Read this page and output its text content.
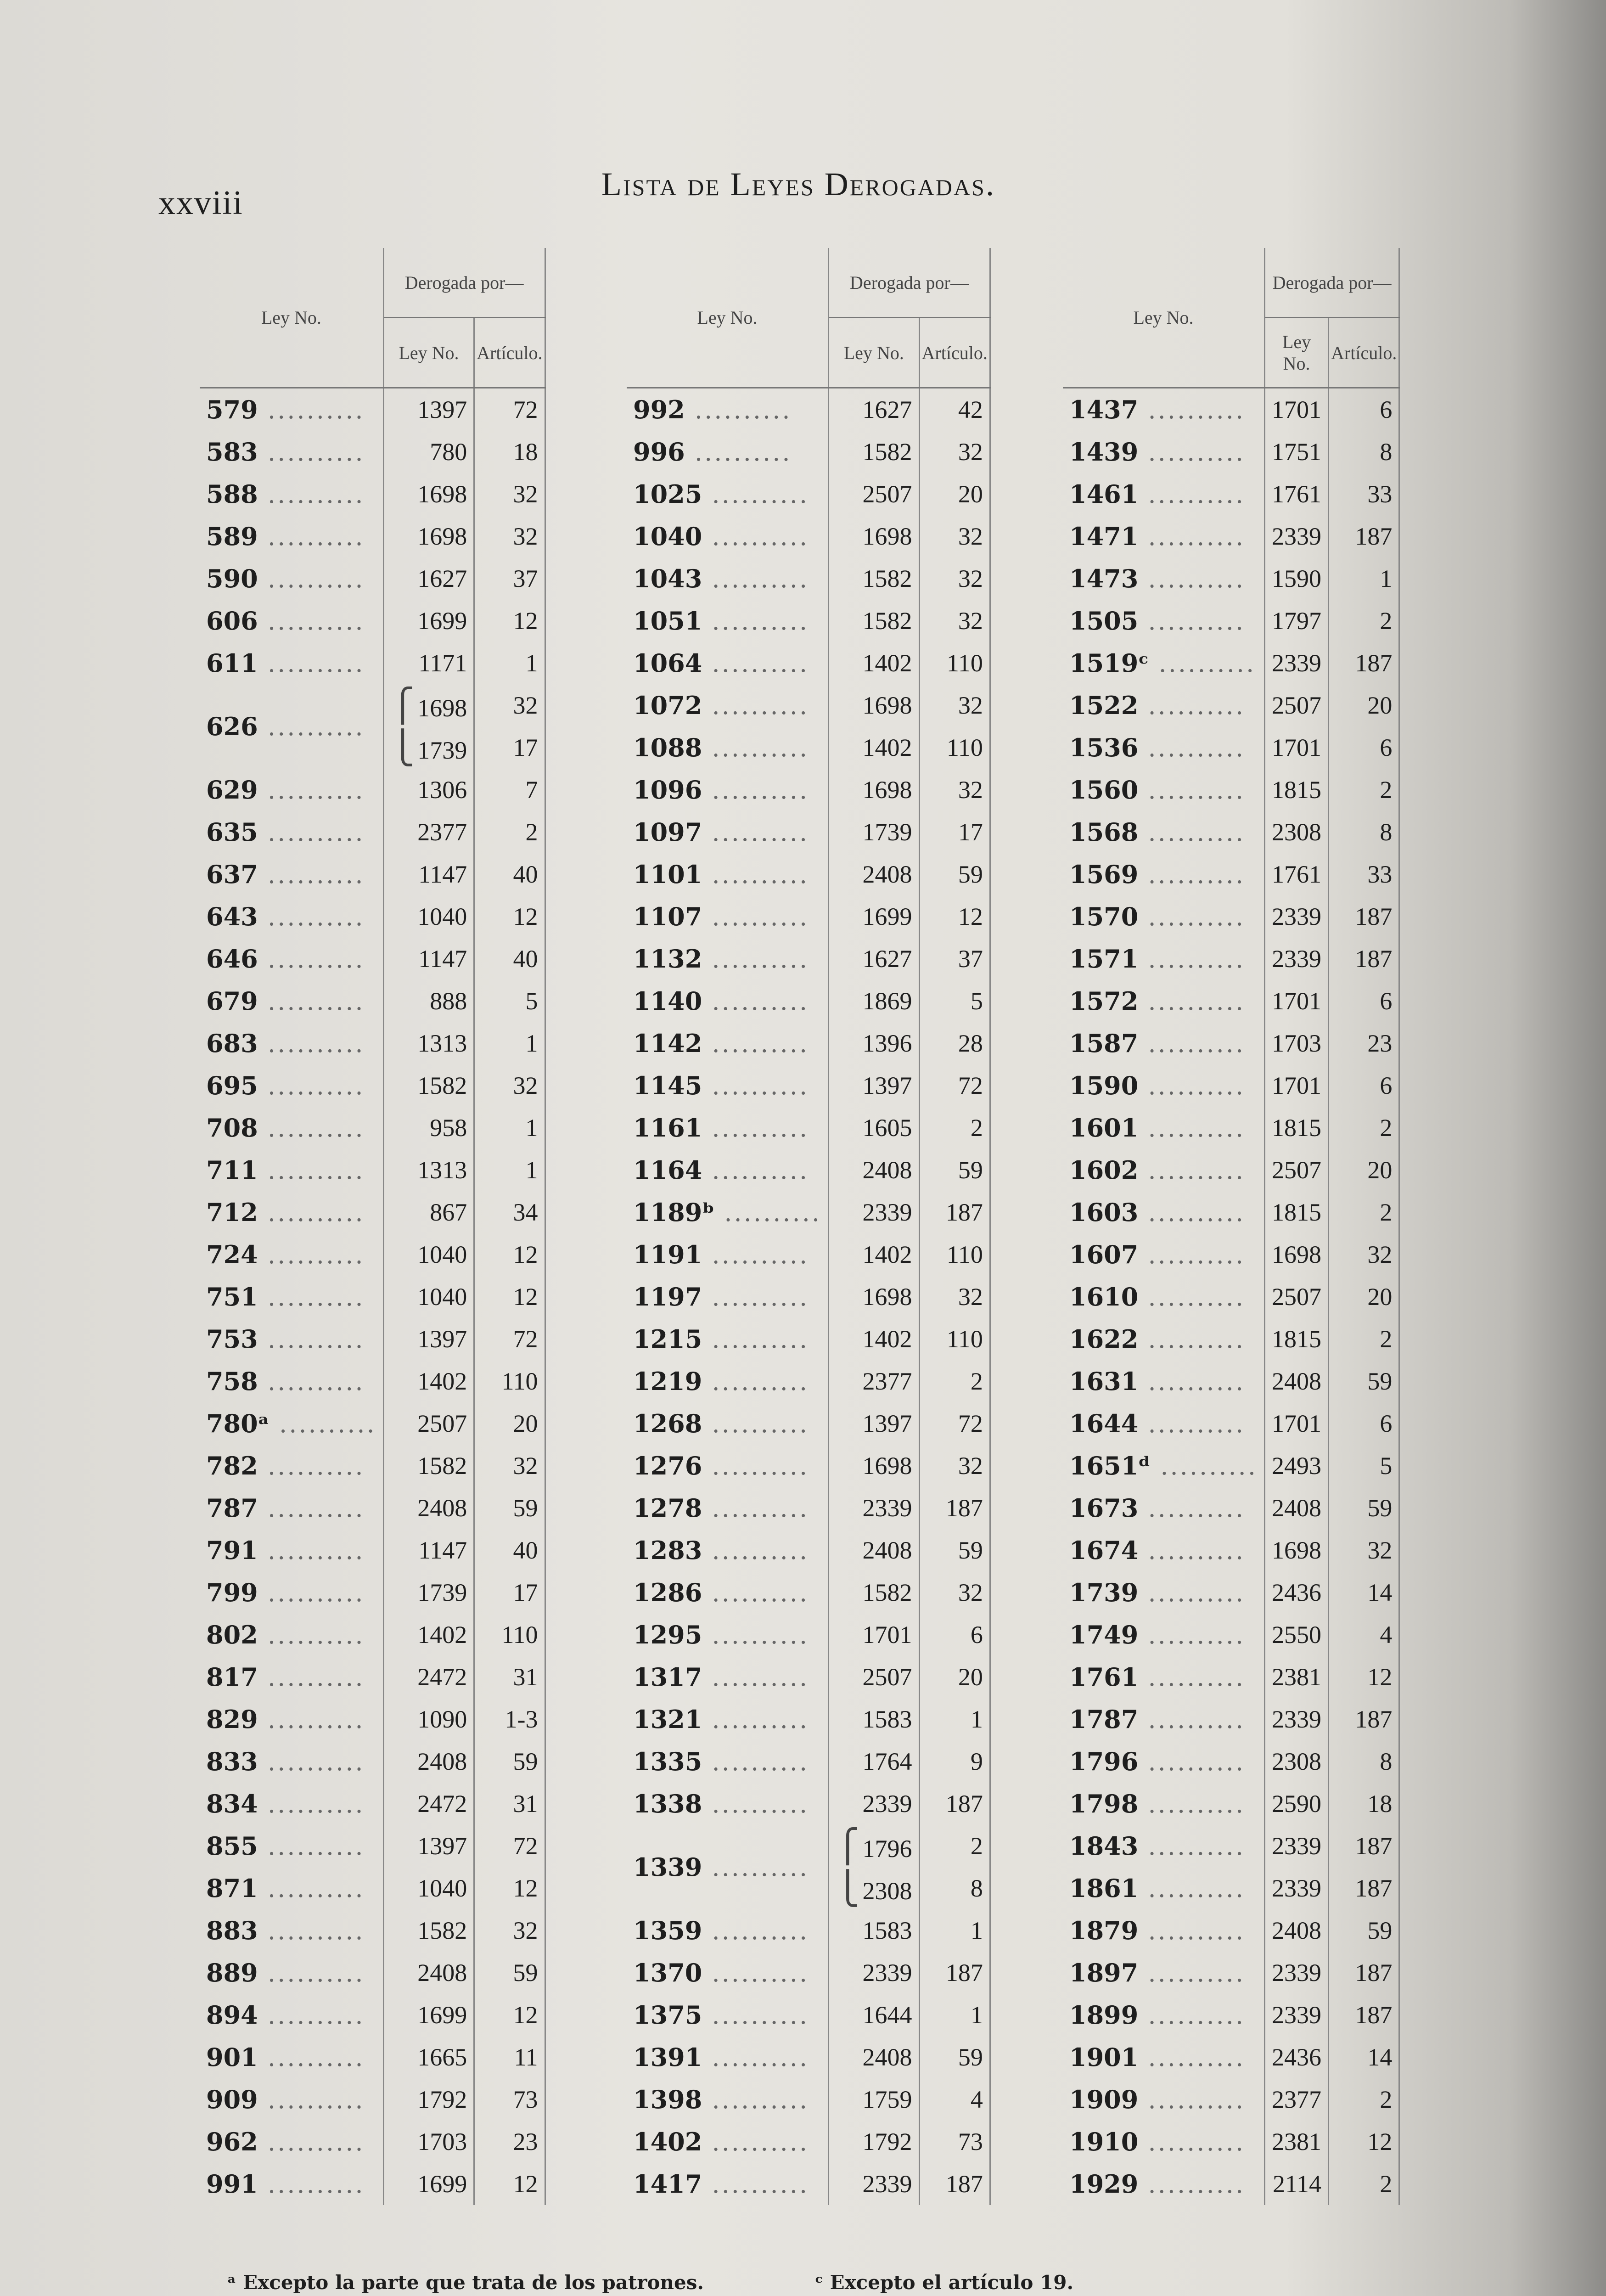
xxviii	Lista de Leyes Derogadas.
Ley No.	Derogada por—	
	Ley No.	Artículo.
579 ..........	1397	72
583 ..........	780	18
588 ..........	1698	32
589 ..........	1698	32
590 ..........	1627	37
606 ..........	1699	12
611 ..........	1171	1
626 ..........	⎧ 1698	32
	⎩ 1739	17
629 ..........	1306	7
635 ..........	2377	2
637 ..........	1147	40
643 ..........	1040	12
646 ..........	1147	40
679 ..........	888	5
683 ..........	1313	1
695 ..........	1582	32
708 ..........	958	1
711 ..........	1313	1
712 ..........	867	34
724 ..........	1040	12
751 ..........	1040	12
753 ..........	1397	72
758 ..........	1402	110
780ᵃ ..........	2507	20
782 ..........	1582	32
787 ..........	2408	59
791 ..........	1147	40
799 ..........	1739	17
802 ..........	1402	110
817 ..........	2472	31
829 ..........	1090	1-3
833 ..........	2408	59
834 ..........	2472	31
855 ..........	1397	72
871 ..........	1040	12
883 ..........	1582	32
889 ..........	2408	59
894 ..........	1699	12
901 ..........	1665	11
909 ..........	1792	73
962 ..........	1703	23
991 ..........	1699	12
Ley No.	Derogada por—	
	Ley No.	Artículo.
992 ..........	1627	42
996 ..........	1582	32
1025 ..........	2507	20
1040 ..........	1698	32
1043 ..........	1582	32
1051 ..........	1582	32
1064 ..........	1402	110
1072 ..........	1698	32
1088 ..........	1402	110
1096 ..........	1698	32
1097 ..........	1739	17
1101 ..........	2408	59
1107 ..........	1699	12
1132 ..........	1627	37
1140 ..........	1869	5
1142 ..........	1396	28
1145 ..........	1397	72
1161 ..........	1605	2
1164 ..........	2408	59
1189ᵇ ..........	2339	187
1191 ..........	1402	110
1197 ..........	1698	32
1215 ..........	1402	110
1219 ..........	2377	2
1268 ..........	1397	72
1276 ..........	1698	32
1278 ..........	2339	187
1283 ..........	2408	59
1286 ..........	1582	32
1295 ..........	1701	6
1317 ..........	2507	20
1321 ..........	1583	1
1335 ..........	1764	9
1338 ..........	2339	187
1339 ..........	⎧ 1796	2
	⎩ 2308	8
1359 ..........	1583	1
1370 ..........	2339	187
1375 ..........	1644	1
1391 ..........	2408	59
1398 ..........	1759	4
1402 ..........	1792	73
1417 ..........	2339	187
Ley No.	Derogada por—	
	Ley No.	Artículo.
1437 ..........	1701	6
1439 ..........	1751	8
1461 ..........	1761	33
1471 ..........	2339	187
1473 ..........	1590	1
1505 ..........	1797	2
1519ᶜ ..........	2339	187
1522 ..........	2507	20
1536 ..........	1701	6
1560 ..........	1815	2
1568 ..........	2308	8
1569 ..........	1761	33
1570 ..........	2339	187
1571 ..........	2339	187
1572 ..........	1701	6
1587 ..........	1703	23
1590 ..........	1701	6
1601 ..........	1815	2
1602 ..........	2507	20
1603 ..........	1815	2
1607 ..........	1698	32
1610 ..........	2507	20
1622 ..........	1815	2
1631 ..........	2408	59
1644 ..........	1701	6
1651ᵈ ..........	2493	5
1673 ..........	2408	59
1674 ..........	1698	32
1739 ..........	2436	14
1749 ..........	2550	4
1761 ..........	2381	12
1787 ..........	2339	187
1796 ..........	2308	8
1798 ..........	2590	18
1843 ..........	2339	187
1861 ..........	2339	187
1879 ..........	2408	59
1897 ..........	2339	187
1899 ..........	2339	187
1901 ..........	2436	14
1909 ..........	2377	2
1910 ..........	2381	12
1929 ..........	2114	2
ᵃ Excepto la parte que trata de los patrones.	ᶜ Excepto el artículo 19.
